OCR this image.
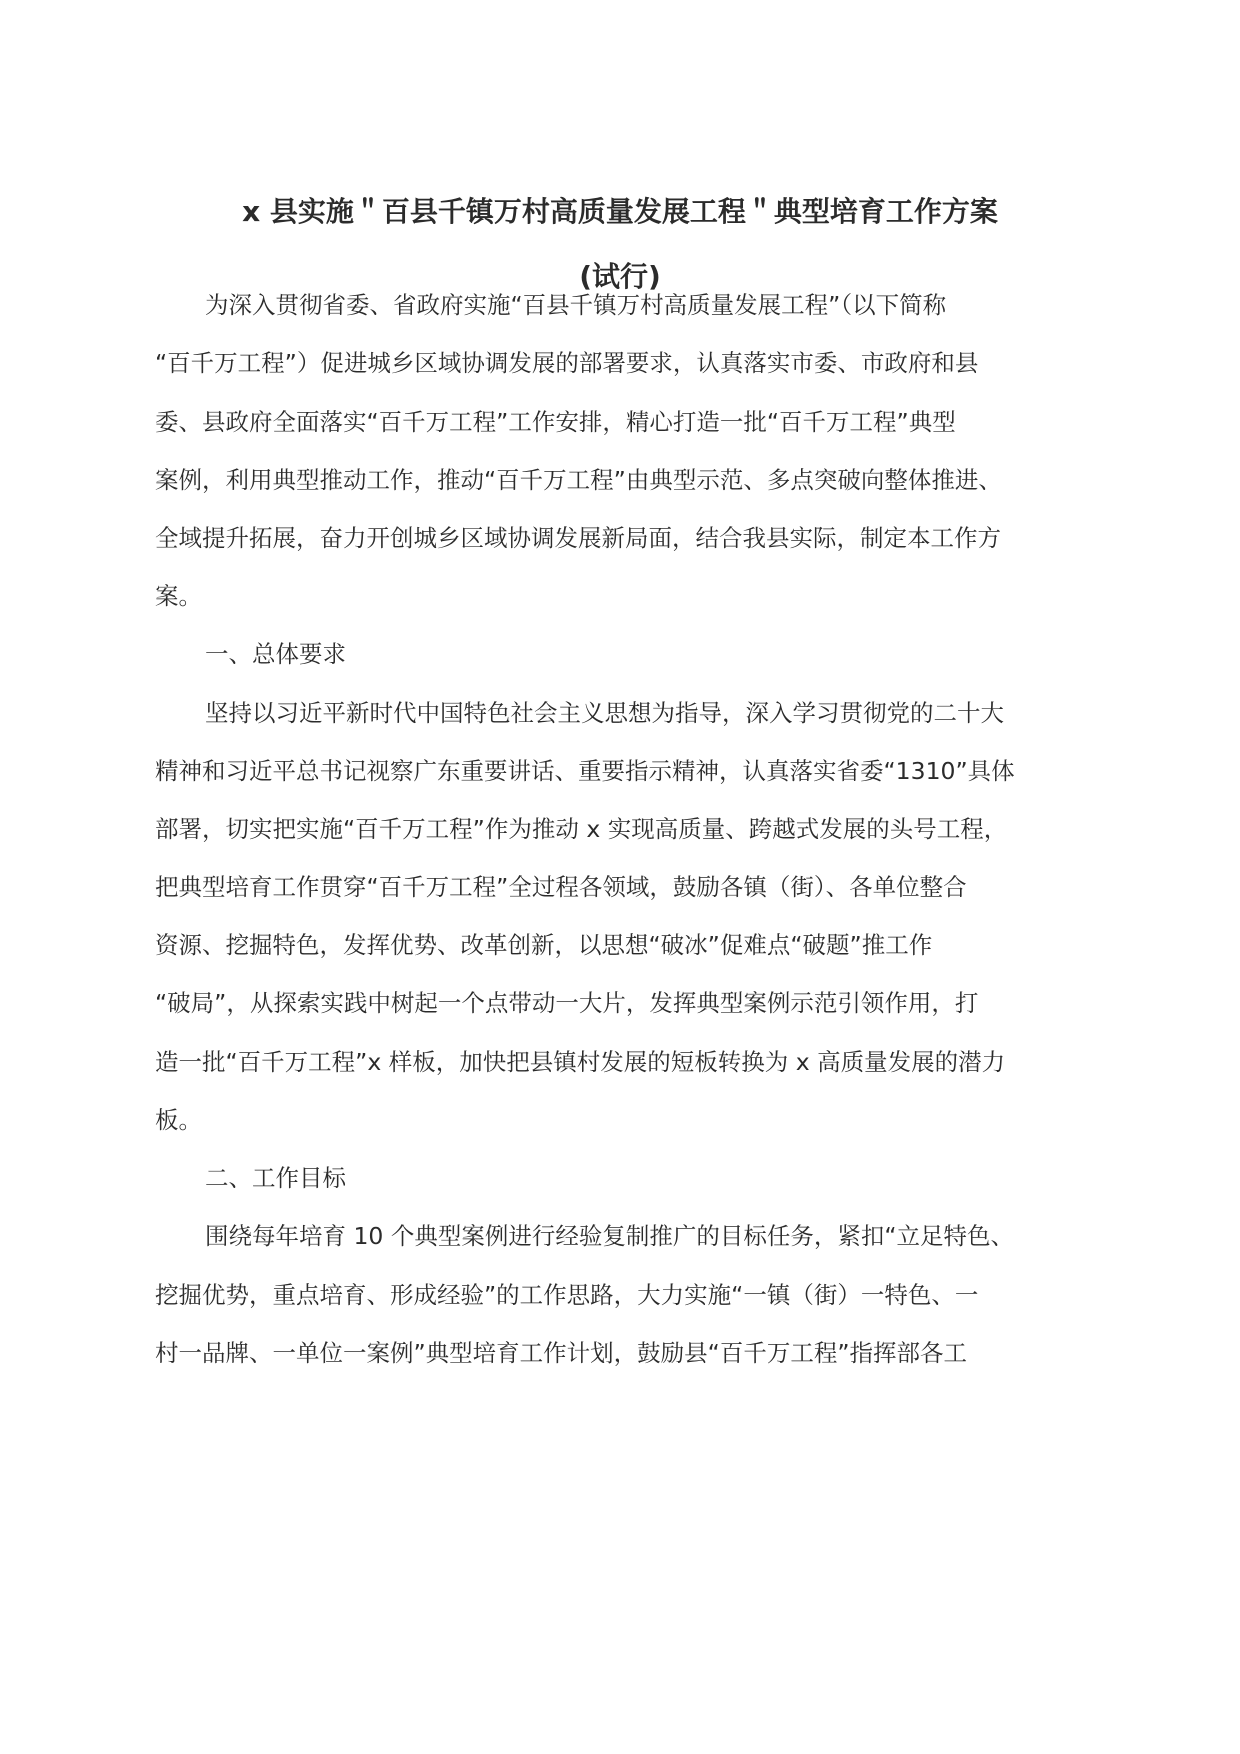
x 县实施＂百县千镇万村高质量发展工程＂典型培育工作方案
(试行)
为深入贯彻省委、省政府实施“百县千镇万村高质量发展工程”（以下简称
“百千万工程”）促进城乡区域协调发展的部署要求，认真落实市委、市政府和县
委、县政府全面落实“百千万工程”工作安排，精心打造一批“百千万工程”典型
案例，利用典型推动工作，推动“百千万工程”由典型示范、多点突破向整体推进、
全域提升拓展，奋力开创城乡区域协调发展新局面，结合我县实际，制定本工作方
案。
一、总体要求
坚持以习近平新时代中国特色社会主义思想为指导，深入学习贯彻党的二十大
精神和习近平总书记视察广东重要讲话、重要指示精神，认真落实省委“1310”具体
部署，切实把实施“百千万工程”作为推动 x 实现高质量、跨越式发展的头号工程，
把典型培育工作贯穿“百千万工程”全过程各领域，鼓励各镇（街）、各单位整合
资源、挖掘特色，发挥优势、改革创新，以思想“破冰”促难点“破题”推工作
“破局”，从探索实践中树起一个点带动一大片，发挥典型案例示范引领作用，打
造一批“百千万工程”x 样板，加快把县镇村发展的短板转换为 x 高质量发展的潜力
板。
二、工作目标
围绕每年培育 10 个典型案例进行经验复制推广的目标任务，紧扣“立足特色、
挖掘优势，重点培育、形成经验”的工作思路，大力实施“一镇（街）一特色、一
村一品牌、一单位一案例”典型培育工作计划，鼓励县“百千万工程”指挥部各工
